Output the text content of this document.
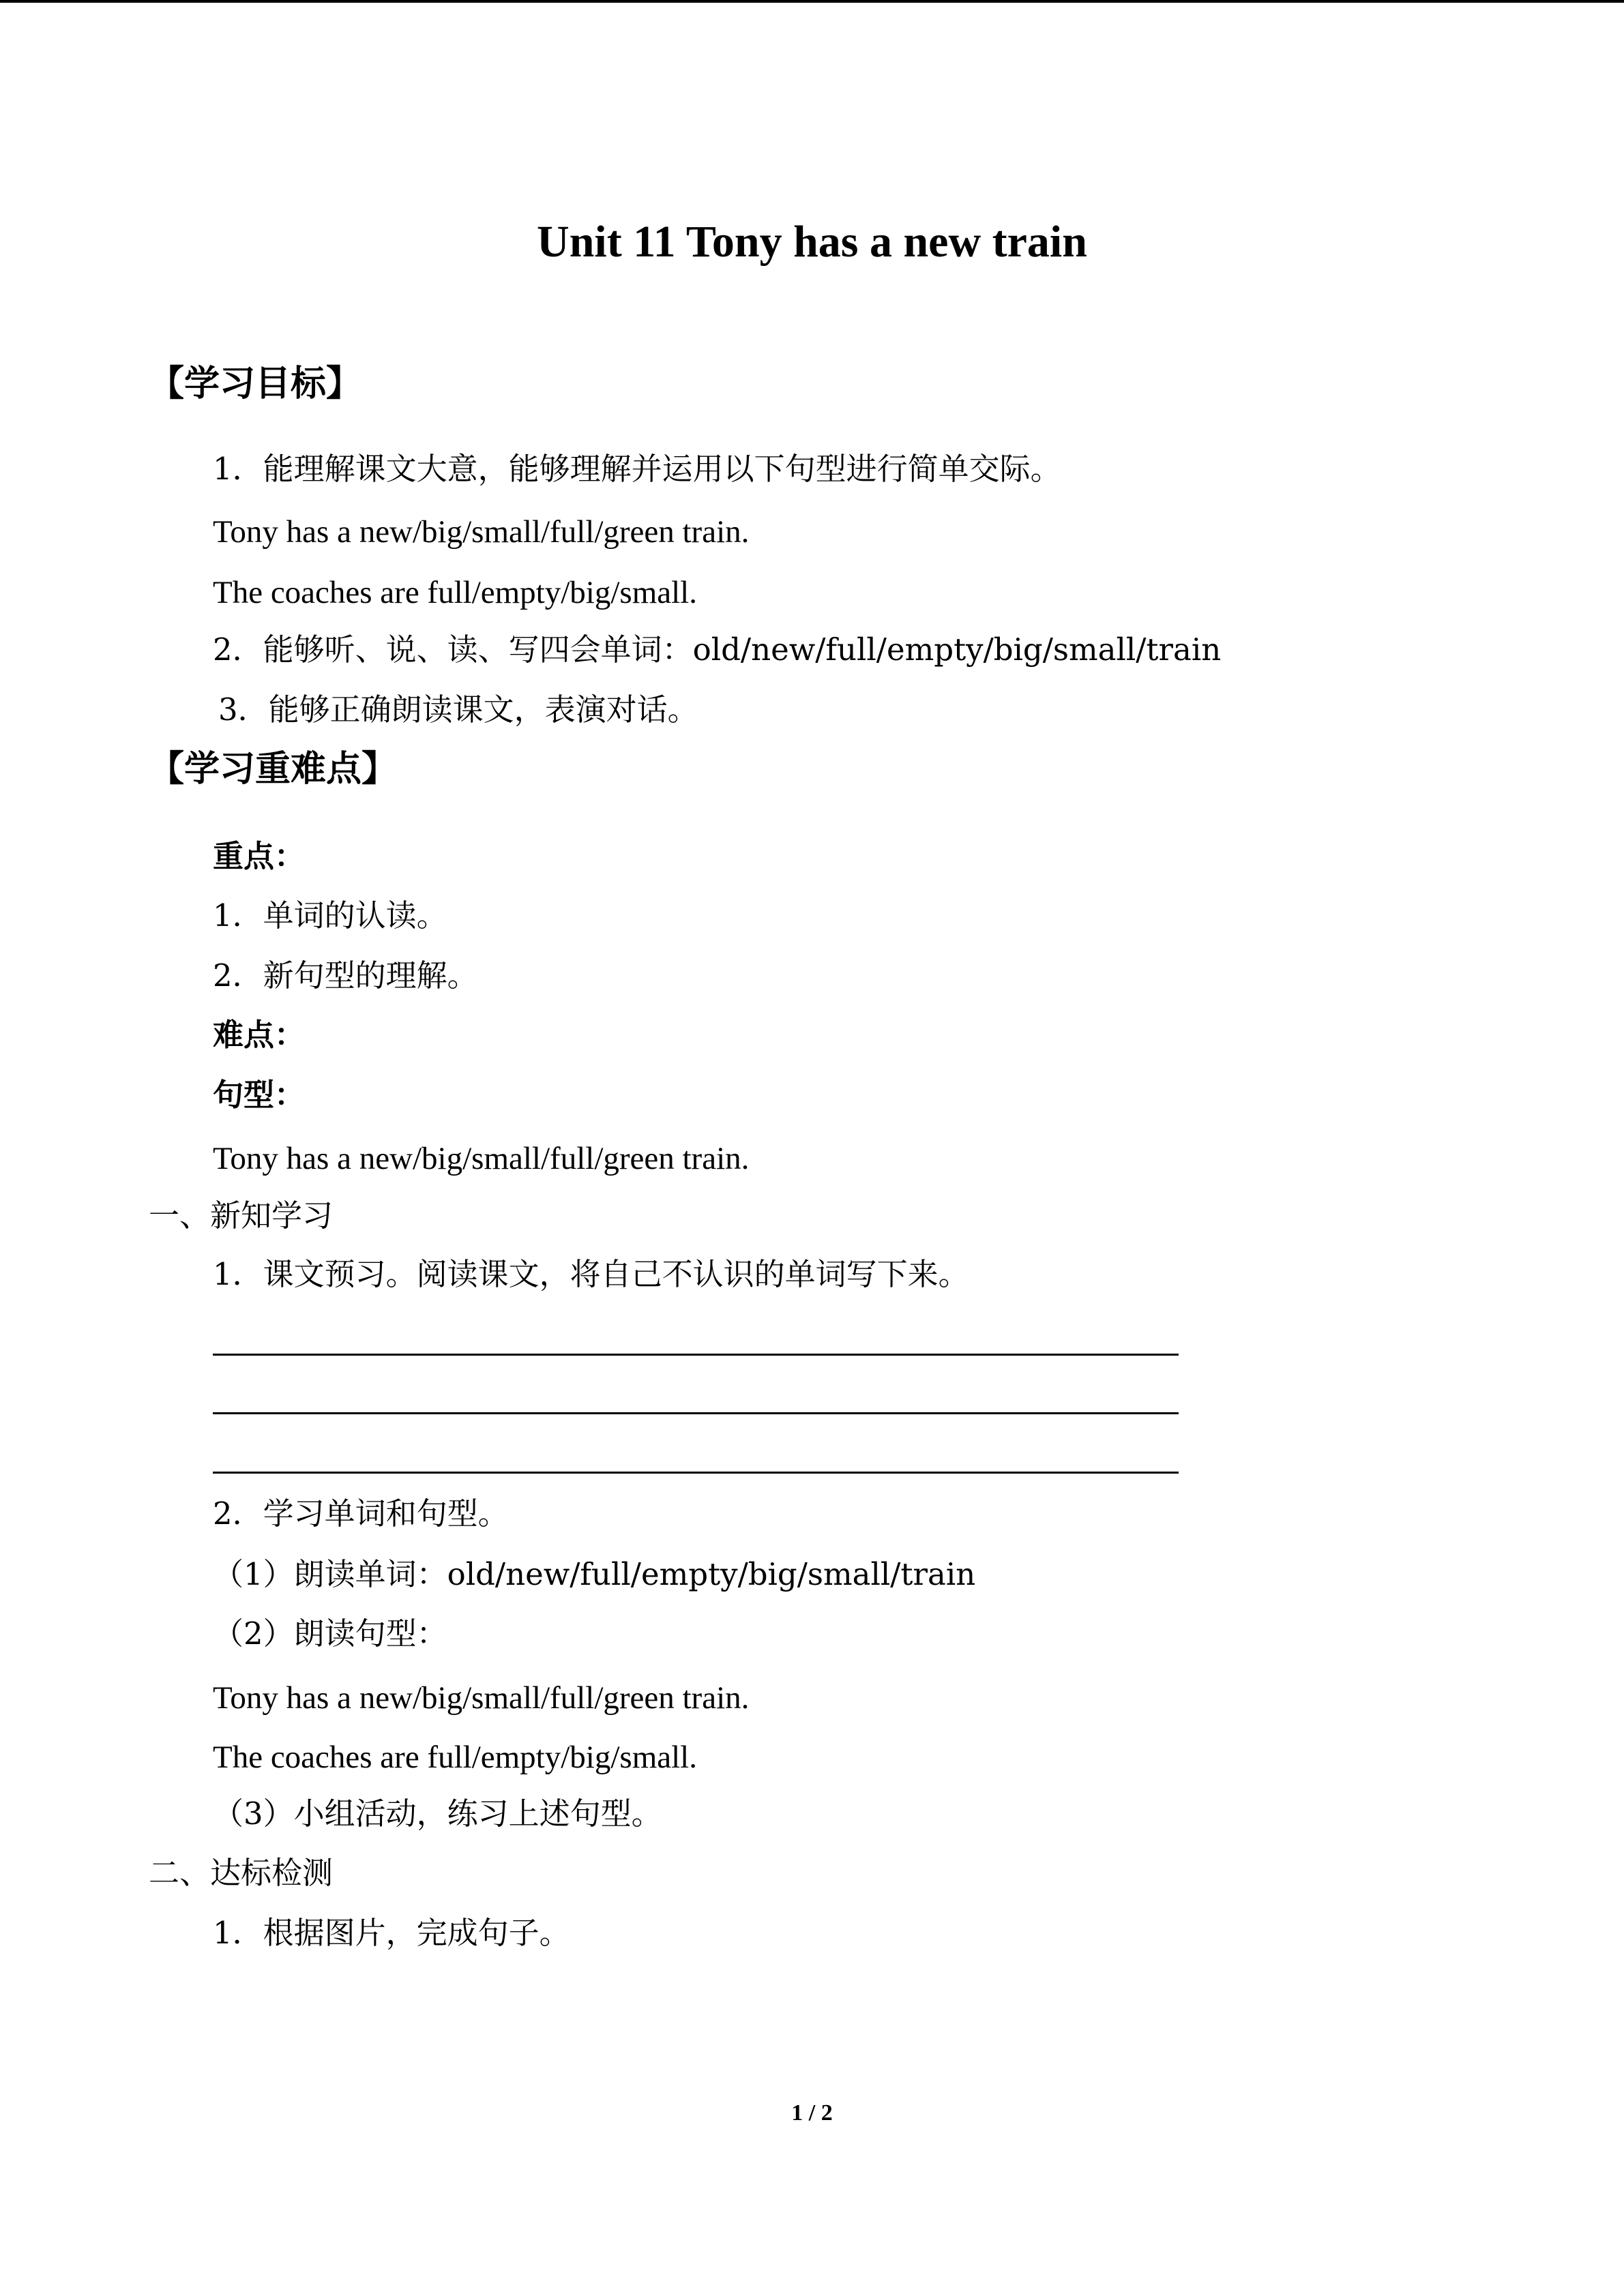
Unit 11 Tony has a new train
【学习目标】
1．能理解课文大意，能够理解并运用以下句型进行简单交际。
Tony has a new/big/small/full/green train.
The coaches are full/empty/big/small.
2．能够听、说、读、写四会单词：old/new/full/empty/big/small/train
3．能够正确朗读课文，表演对话。
【学习重难点】
重点：
1．单词的认读。
2．新句型的理解。
难点：
句型：
Tony has a new/big/small/full/green train.
一、新知学习
1．课文预习。阅读课文，将自己不认识的单词写下来。
2．学习单词和句型。
（1）朗读单词：old/new/full/empty/big/small/train
（2）朗读句型：
Tony has a new/big/small/full/green train.
The coaches are full/empty/big/small.
（3）小组活动，练习上述句型。
二、达标检测
1．根据图片，完成句子。
1 / 2
